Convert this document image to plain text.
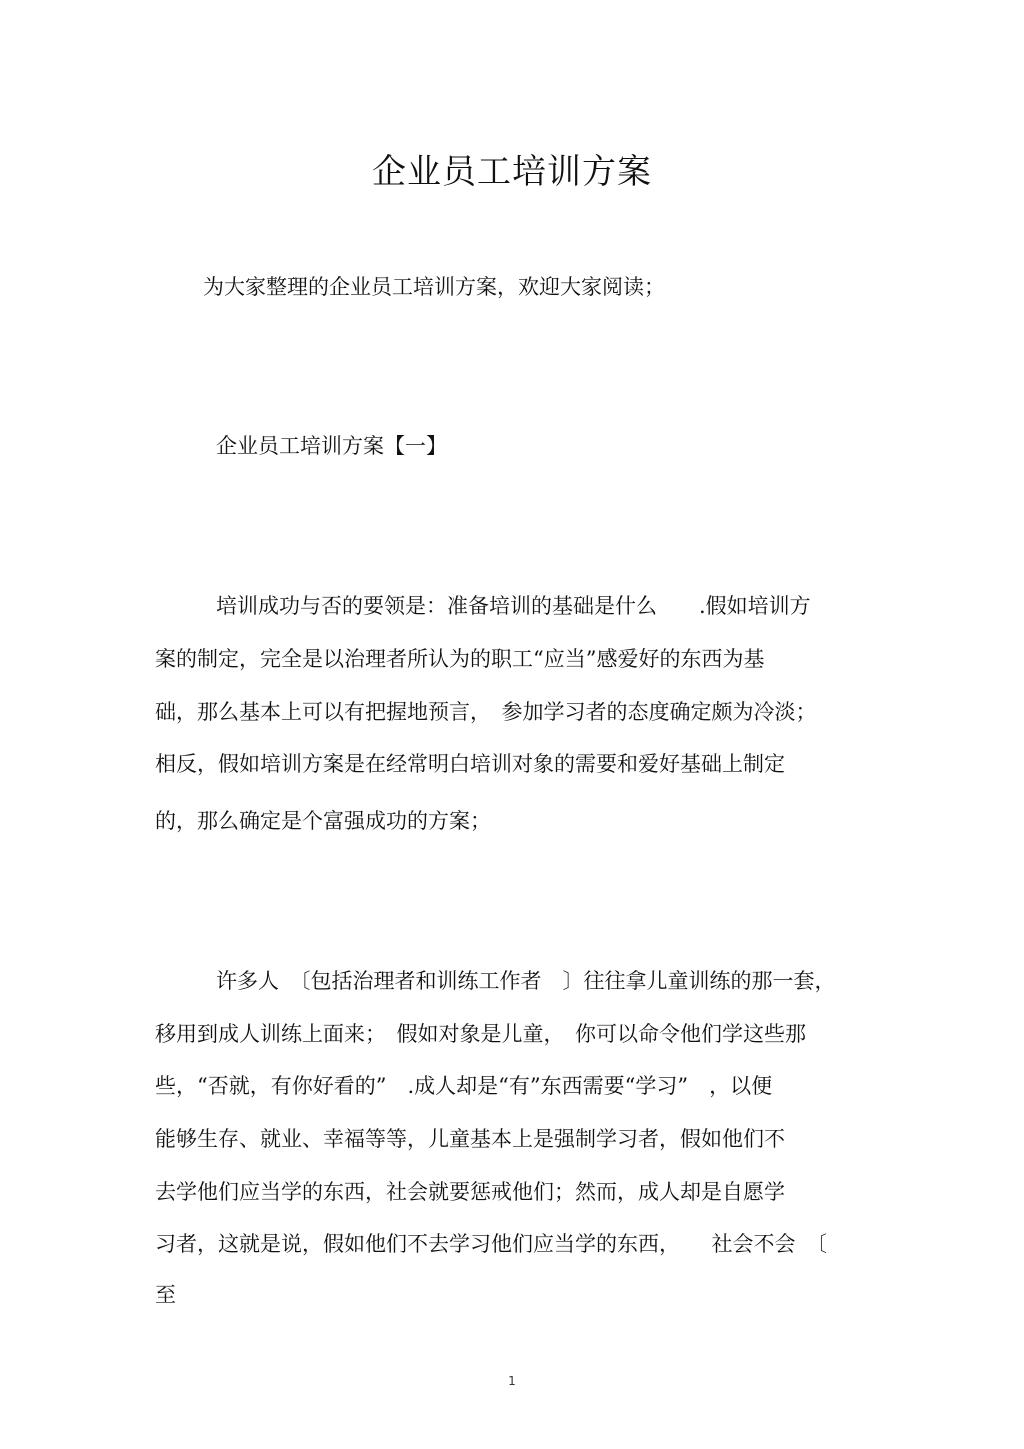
企业员工培训方案
为大家整理的企业员工培训方案，欢迎大家阅读；
企业员工培训方案【一】
培训成功与否的要领是：准备培训的基础是什么　　.假如培训方
案的制定，完全是以治理者所认为的职工“应当”感爱好的东西为基
础，那么基本上可以有把握地预言，　参加学习者的态度确定颇为冷淡；
相反，假如培训方案是在经常明白培训对象的需要和爱好基础上制定
的，那么确定是个富强成功的方案；
许多人　〔包括治理者和训练工作者　〕往往拿儿童训练的那一套，
移用到成人训练上面来；　假如对象是儿童，　你可以命令他们学这些那
些，“否就，有你好看的”　.成人却是“有”东西需要“学习”　，以便
能够生存、就业、幸福等等，儿童基本上是强制学习者，假如他们不
去学他们应当学的东西，社会就要惩戒他们；然而，成人却是自愿学
习者，这就是说，假如他们不去学习他们应当学的东西，　　社会不会　〔
至
1
